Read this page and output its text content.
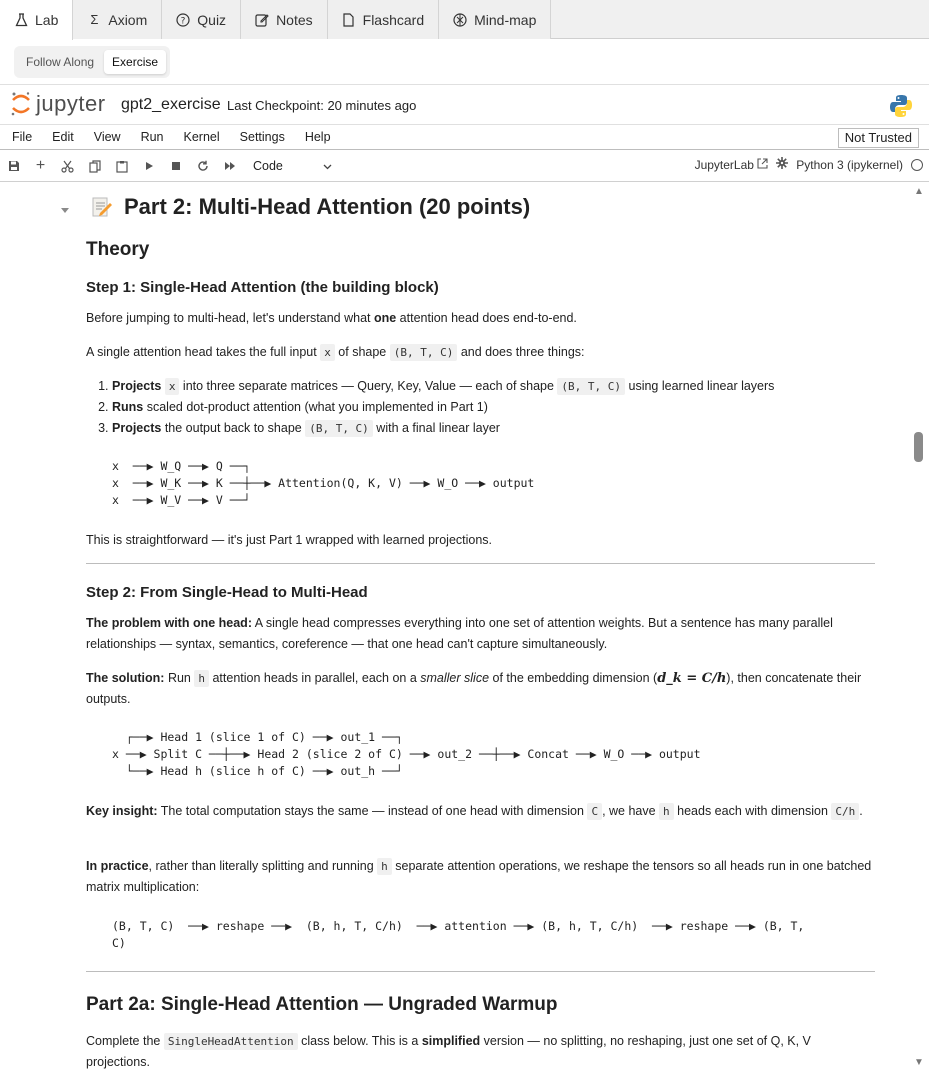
Lab Σ Axiom	? Quiz	Notes	Flashcard	Mind-map
Follow Along	Exercise
jupyter gpt2_exercise Last Checkpoint: 20 minutes ago
File	Edit	View	Run	Kernel	Settings	Help	Not Trusted
+	Code	JupyterLab	Python 3 (ipykernel)
Part 2: Multi-Head Attention (20 points)
Theory
Step 1: Single-Head Attention (the building block)

Before jumping to multi-head, let's understand what one attention head does end-to-end.

A single attention head takes the full input x of shape (B, T, C) and does three things:

1. Projects x into three separate matrices — Query, Key, Value — each of shape (B, T, C) using learned linear layers
2. Runs scaled dot-product attention (what you implemented in Part 1)
3. Projects the output back to shape (B, T, C) with a final linear layer
x  ──▶ W_Q ──▶ Q ──┐
x  ──▶ W_K ──▶ K ──┼──▶ Attention(Q, K, V) ──▶ W_O ──▶ output
x  ──▶ W_V ──▶ V ──┘

This is straightforward — it's just Part 1 wrapped with learned projections.

Step 2: From Single-Head to Multi-Head

The problem with one head: A single head compresses everything into one set of attention weights. But a sentence has many parallel relationships — syntax, semantics, coreference — that one head can't capture simultaneously.

The solution: Run h attention heads in parallel, each on a smaller slice of the embedding dimension (d_k = C/h), then concatenate their outputs.

┌──▶ Head 1 (slice 1 of C) ──▶ out_1 ──┐
x ──▶ Split C ──┼──▶ Head 2 (slice 2 of C) ──▶ out_2 ──┼──▶ Concat ──▶ W_O ──▶ output
└──▶ Head h (slice h of C) ──▶ out_h ──┘

Key insight: The total computation stays the same — instead of one head with dimension C , we have h heads each with dimension C/h .

In practice, rather than literally splitting and running h separate attention operations, we reshape the tensors so all heads run in one batched matrix multiplication:

(B, T, C)  ──▶ reshape ──▶  (B, h, T, C/h)  ──▶ attention ──▶ (B, h, T, C/h)  ──▶ reshape ──▶ (B, T,
C)
Part 2a: Single-Head Attention — Ungraded Warmup

Complete the SingleHeadAttention class below. This is a simplified version — no splitting, no reshaping, just one set of Q, K, V projections.

▲
▼
